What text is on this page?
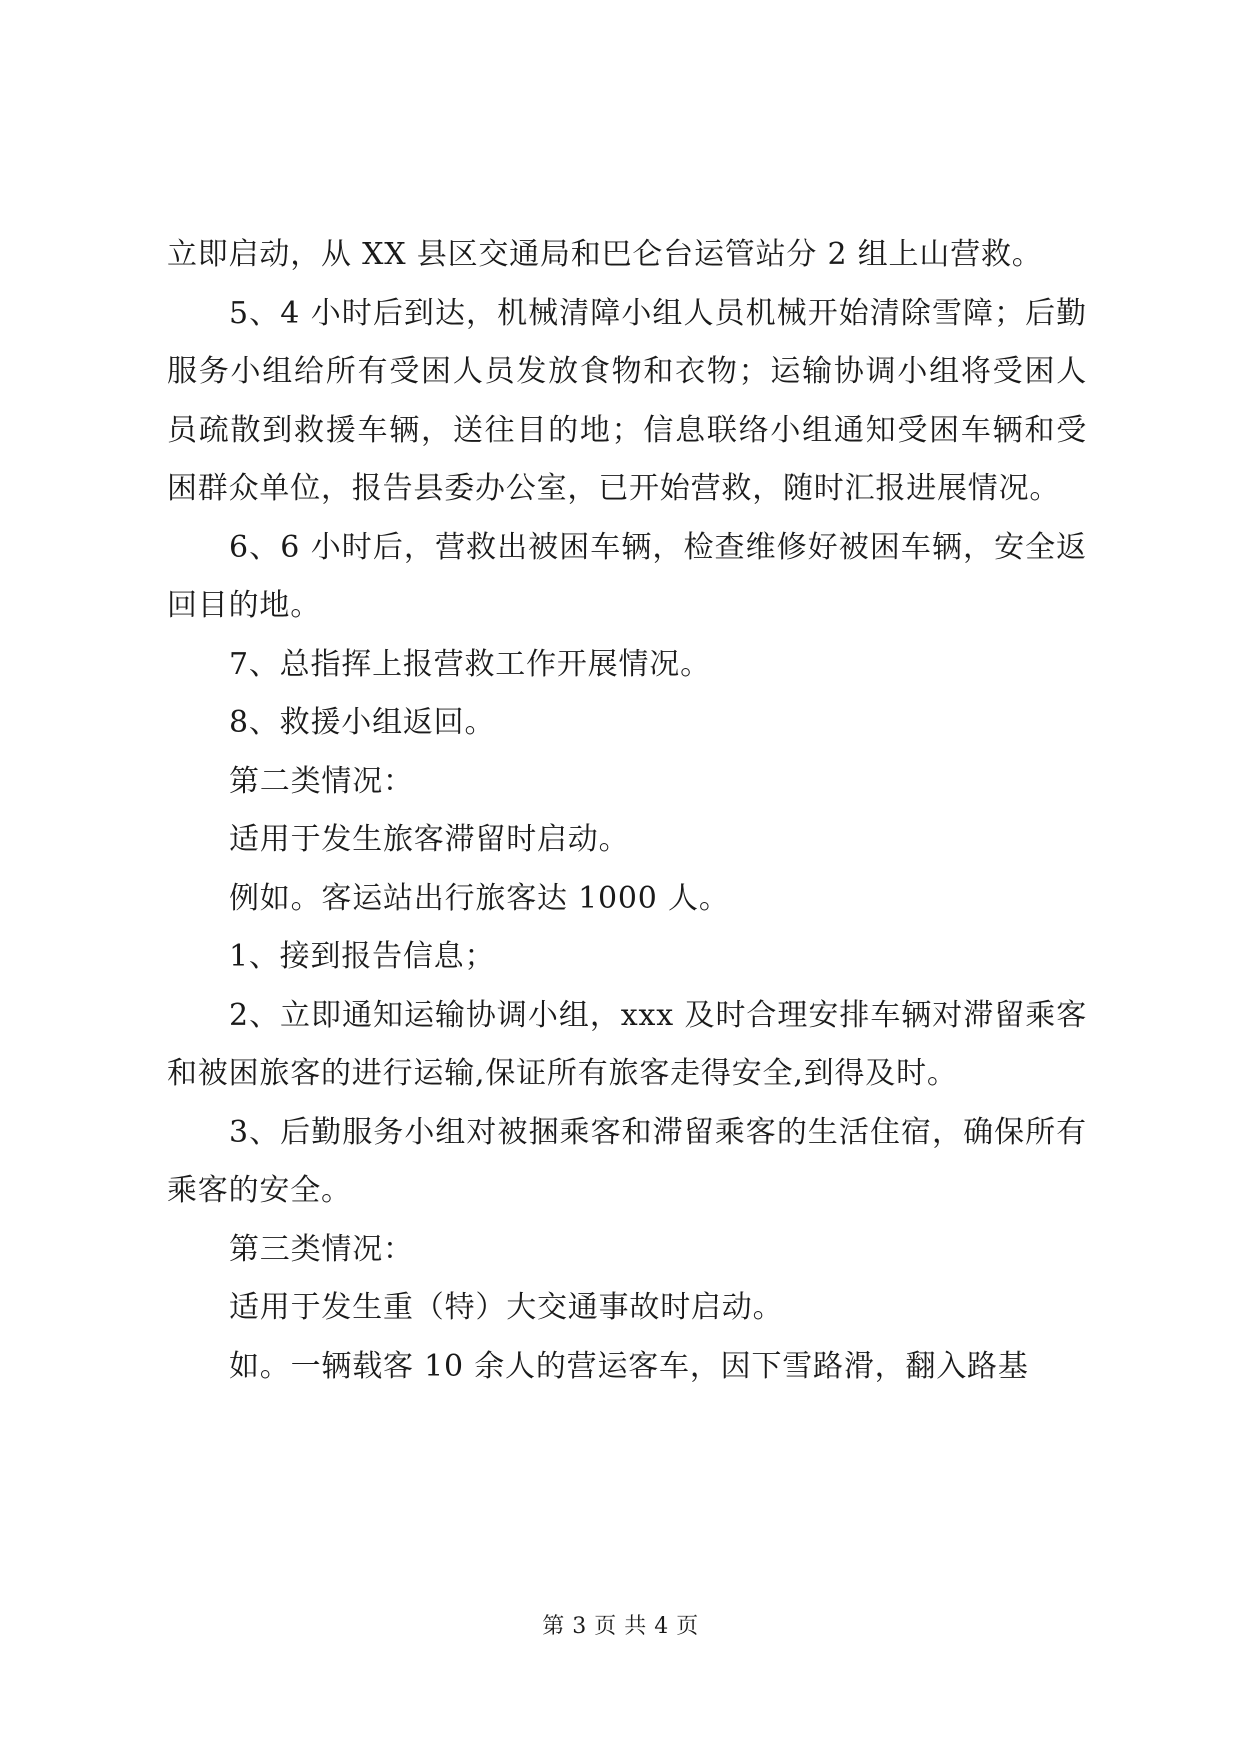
立即启动，从 XX 县区交通局和巴仑台运管站分 2 组上山营救。

5、4 小时后到达，机械清障小组人员机械开始清除雪障；后勤服务小组给所有受困人员发放食物和衣物；运输协调小组将受困人员疏散到救援车辆，送往目的地；信息联络小组通知受困车辆和受困群众单位，报告县委办公室，已开始营救，随时汇报进展情况。

6、6 小时后，营救出被困车辆，检查维修好被困车辆，安全返回目的地。

7、总指挥上报营救工作开展情况。

8、救援小组返回。

第二类情况：

适用于发生旅客滞留时启动。

例如。客运站出行旅客达 1000 人。

1、接到报告信息；

2、立即通知运输协调小组，xxx 及时合理安排车辆对滞留乘客和被困旅客的进行运输,保证所有旅客走得安全,到得及时。

3、后勤服务小组对被捆乘客和滞留乘客的生活住宿，确保所有乘客的安全。

第三类情况：

适用于发生重（特）大交通事故时启动。

如。一辆载客 10 余人的营运客车，因下雪路滑，翻入路基

第 3 页 共 4 页
